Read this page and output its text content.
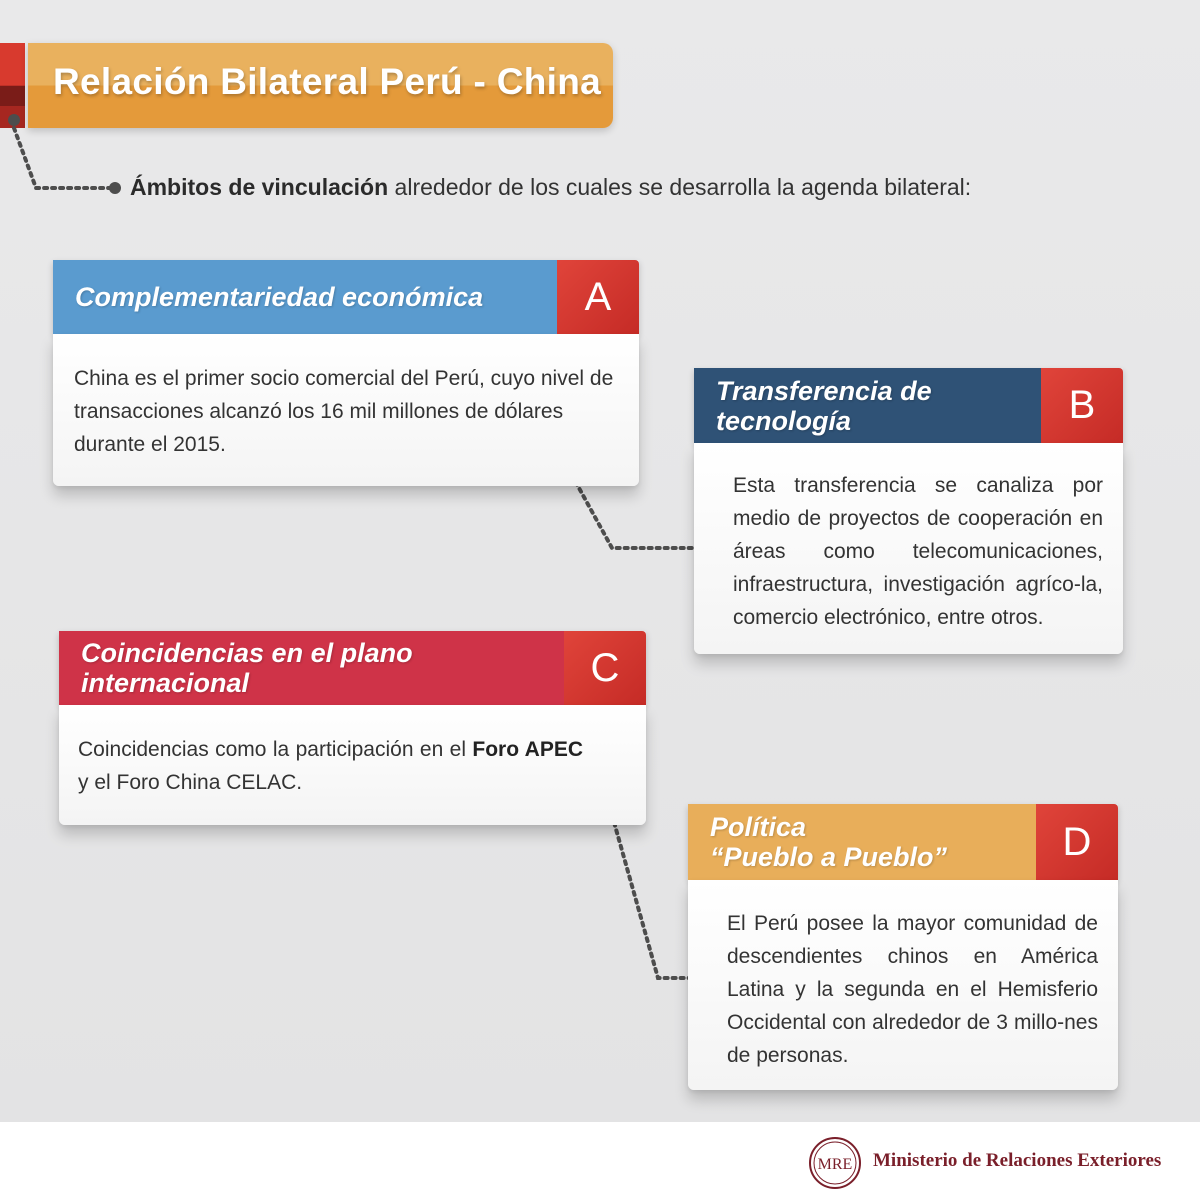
Relación Bilateral Perú - China
Ámbitos de vinculación alrededor de los cuales se desarrolla la agenda bilateral:
Complementariedad económica	A
China es el primer socio comercial del Perú, cuyo nivel de transacciones alcanzó los 16 mil millones de dólares durante el 2015.
Transferencia de
tecnología	B
Esta transferencia se canaliza por medio de proyectos de cooperación en áreas como telecomunicaciones, infraestructura, investigación agríco-la, comercio electrónico, entre otros.
Coincidencias en el plano internacional	C
Coincidencias como la participación en el Foro APEC y el Foro China CELAC.
Política
“Pueblo a Pueblo”	D
El Perú posee la mayor comunidad de descendientes chinos en América Latina y la segunda en el Hemisferio Occidental con alrededor de 3 millo-nes de personas.
MRE Ministerio de Relaciones Exteriores
